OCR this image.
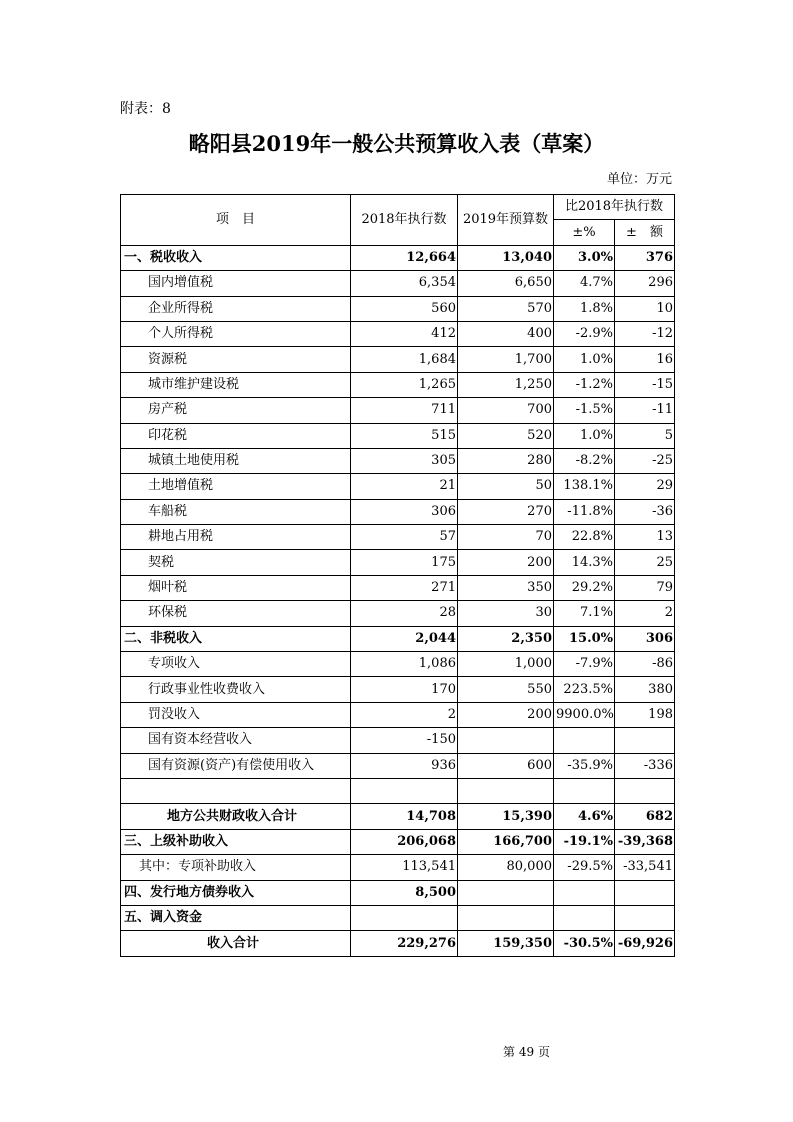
附表：8
略阳县2019年一般公共预算收入表（草案）
单位：万元
项　目	2018年执行数	2019年预算数	比2018年执行数	
			±%	±　额
一、税收收入	12,664	13,040	3.0%	376
国内增值税	6,354	6,650	4.7%	296
企业所得税	560	570	1.8%	10
个人所得税	412	400	-2.9%	-12
资源税	1,684	1,700	1.0%	16
城市维护建设税	1,265	1,250	-1.2%	-15
房产税	711	700	-1.5%	-11
印花税	515	520	1.0%	5
城镇土地使用税	305	280	-8.2%	-25
土地增值税	21	50	138.1%	29
车船税	306	270	-11.8%	-36
耕地占用税	57	70	22.8%	13
契税	175	200	14.3%	25
烟叶税	271	350	29.2%	79
环保税	28	30	7.1%	2
二、非税收入	2,044	2,350	15.0%	306
专项收入	1,086	1,000	-7.9%	-86
行政事业性收费收入	170	550	223.5%	380
罚没收入	2	200	9900.0%	198
国有资本经营收入	-150			
国有资源(资产)有偿使用收入	936	600	-35.9%	-336

地方公共财政收入合计	14,708	15,390	4.6%	682
三、上级补助收入	206,068	166,700	-19.1%	-39,368
其中：专项补助收入	113,541	80,000	-29.5%	-33,541
四、发行地方债券收入	8,500			
五、调入资金				
收入合计	229,276	159,350	-30.5%	-69,926
第 49 页
